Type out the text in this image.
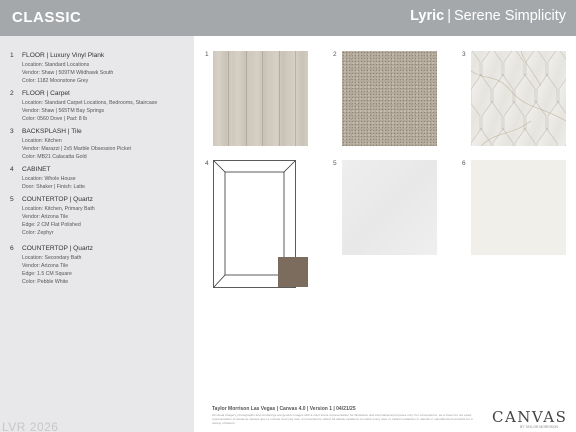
CLASSIC	Lyric | Serene Simplicity
1 FLOOR | Luxury Vinyl Plank
Location: Standard Locations
Vendor: Shaw | 509TM Wildhawk South
Color: 1182 Moonstone Grey
2 FLOOR | Carpet
Location: Standard Carpet Locations, Bedrooms, Staircase
Vendor: Shaw | 565TM Bay Springs
Color: 0560 Dove | Pad: 8 lb
3 BACKSPLASH | Tile
Location: Kitchen
Vendor: Marazzi | 2x5 Marble Obsession Picket
Color: MB21 Calacatta Gold
4 CABINET
Location: Whole House
Door: Shaker | Finish: Latte
5 COUNTERTOP | Quartz
Location: Kitchen, Primary Bath
Vendor: Arizona Tile
Edge: 2 CM Flat Polished
Color: Zephyr
6 COUNTERTOP | Quartz
Location: Secondary Bath
Vendor: Arizona Tile
Edge: 1.5 CM Square
Color: Pebble White
LVR 2026
1	2	3
4	5	6
Taylor Morrison Las Vegas | Canvas 4.0 | Version 1 | 04/21/25
All visual imagery, photographs and renderings are generic images with a color intent representation for illustrative and informational purposes only. For convenience, as a close but not exact representation of actual as viewed upon a monitor and may look, not intended to reflect all details variations to match every door or cabinet variations in natural or manufactured products for a variety of factors.	CANVAS
BY TAYLOR MORRISON
